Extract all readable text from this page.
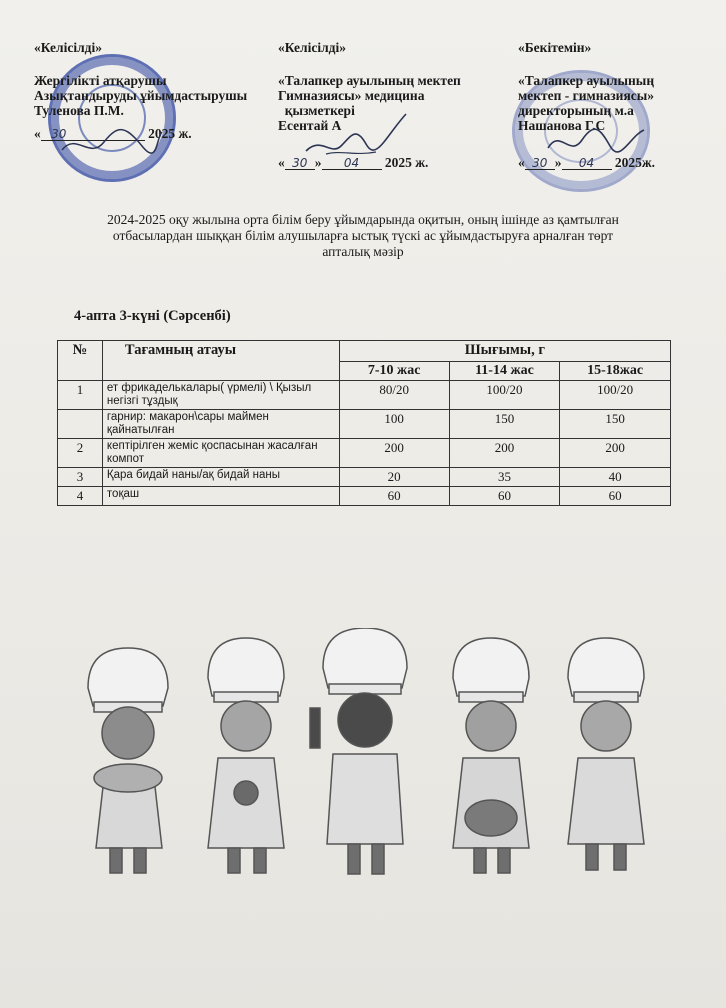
«Келісілді»
Жергілікті атқарушы
Азықтандыруды ұйымдастырушы
Туленова П.М.
« 30	2025 ж.
«Келісілді»
«Талапкер ауылының мектеп
Гимназиясы» медицина
қызметкері
Есентай А
« 30 » 04 2025 ж.
«Бекітемін»
«Талапкер ауылының
мектеп - гимназиясы»
директорының м.а
Нашанова Г.С
« 30 » 04 2025ж.
2024-2025 оқу жылына орта білім беру ұйымдарында оқитын, оның ішінде аз қамтылған
отбасылардан шыққан білім алушыларға ыстық түскі ас ұйымдастыруға арналған төрт
апталық мәзір
4-апта 3-күні (Сәрсенбі)
№	Тағамның атауы	Шығымы, г		
		7-10 жас	11-14 жас	15-18жас
1	ет фрикаделькалары( үрмелі) \ Қызыл негізгі тұздық	80/20	100/20	100/20
	гарнир: макарон\сары маймен қайнатылған	100	150	150
2	кептірілген жеміс қоспасынан жасалған компот	200	200	200
3	Қара бидай наны/ақ бидай наны	20	35	40
4	тоқаш	60	60	60
